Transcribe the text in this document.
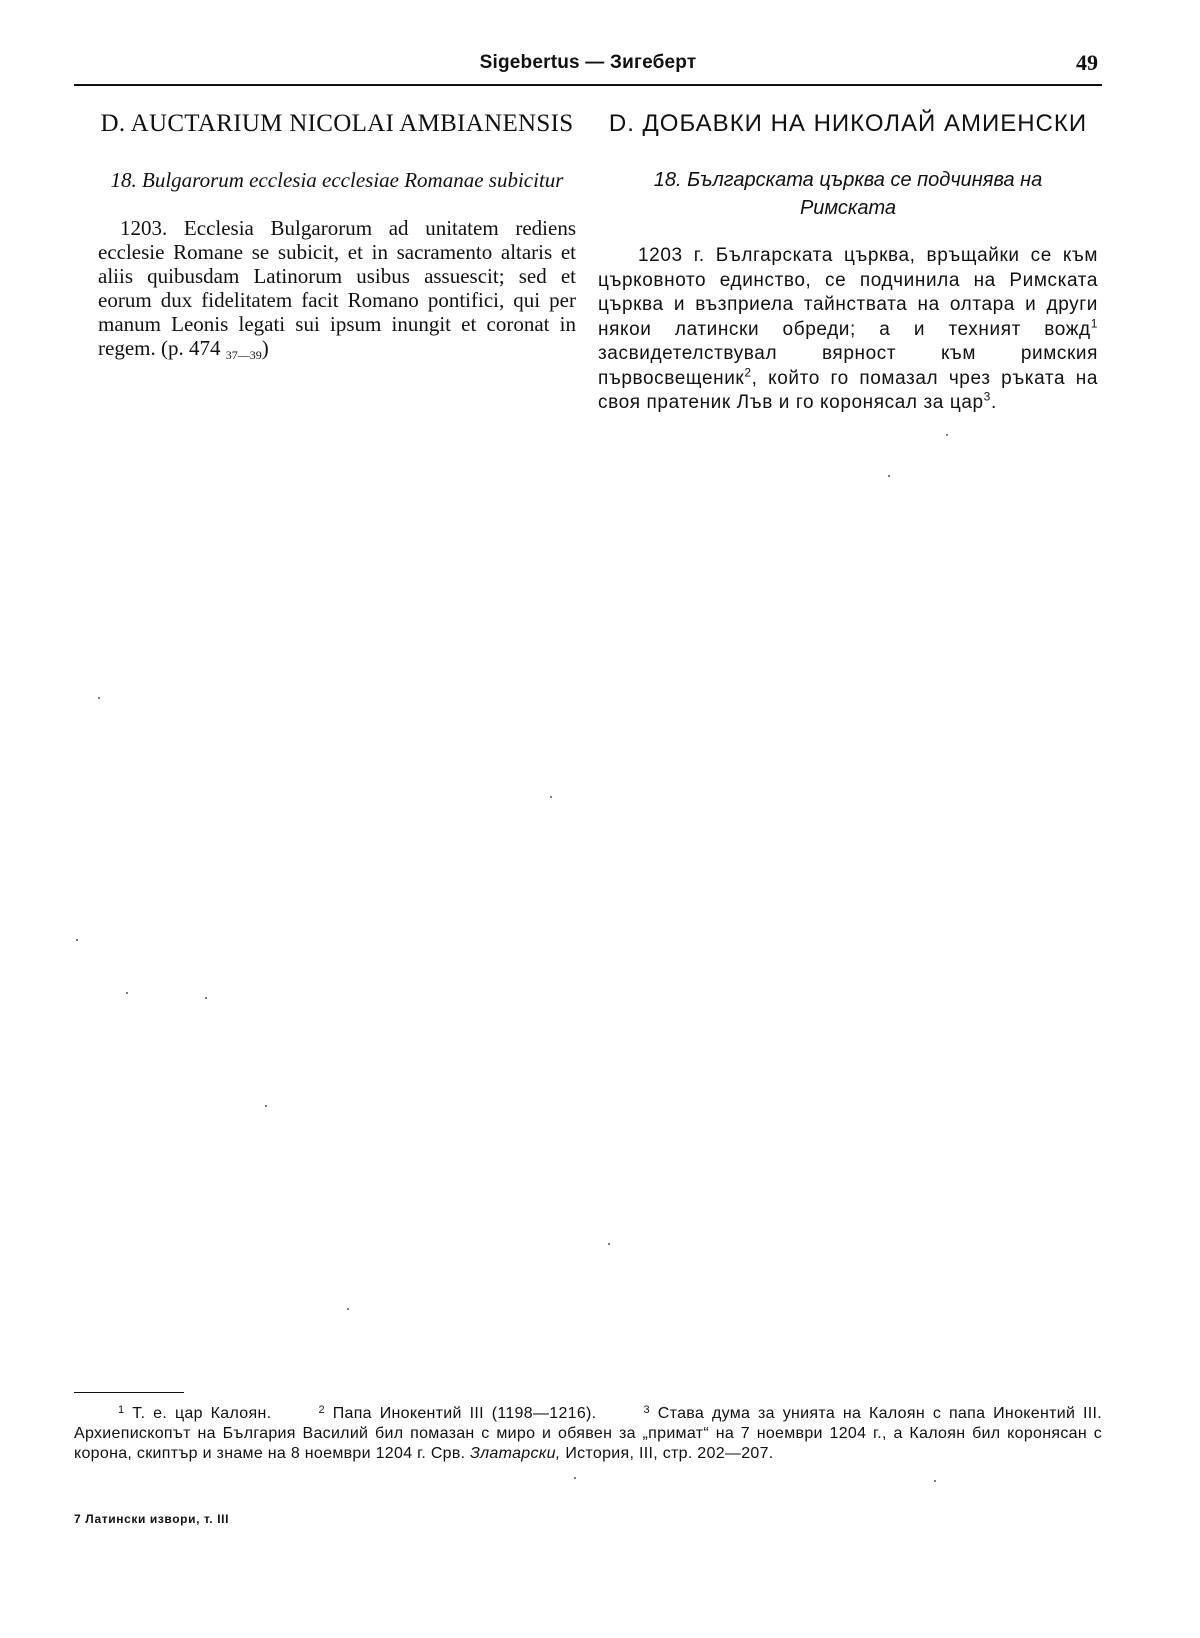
Sigebertus — Зигеберт	49
D. AUCTARIUM NICOLAI AMBIANENSIS
18. Bulgarorum ecclesia ecclesiae Romanae subicitur

1203. Ecclesia Bulgarorum ad unitatem rediens ecclesie Romane se subicit, et in sacramento altaris et aliis quibusdam Latinorum usibus assuescit; sed et eorum dux fidelitatem facit Romano pontifici, qui per manum Leonis legati sui ipsum inungit et coronat in regem. (p. 474 37—39)

D. ДОБАВКИ НА НИКОЛАЙ АМИЕНСКИ
18. Българската църква се подчинява на Римската

1203 г. Българската църква, връщайки се към църковното единство, се подчинила на Римската църква и възприела тайнствата на олтара и други някои латински обреди; а и техният вожд$^1$ засвидетелствувал вярност към римския първосвещеник$^2$, който го помазал чрез ръката на своя пратеник Лъв и го коронясал за цар$^3$.

$^1$ Т. е. цар Калоян.	$^2$ Папа Инокентий III (1198—1216).	$^3$ Става дума за унията на Калоян с папа Инокентий III. Архиепископът на България Василий бил помазан с миро и обявен за „примат“ на 7 ноември 1204 г., а Калоян бил коронясан с корона, скиптър и знаме на 8 ноември 1204 г. Срв. Златарски, История, III, стр. 202—207.

7 Латински извори, т. III
